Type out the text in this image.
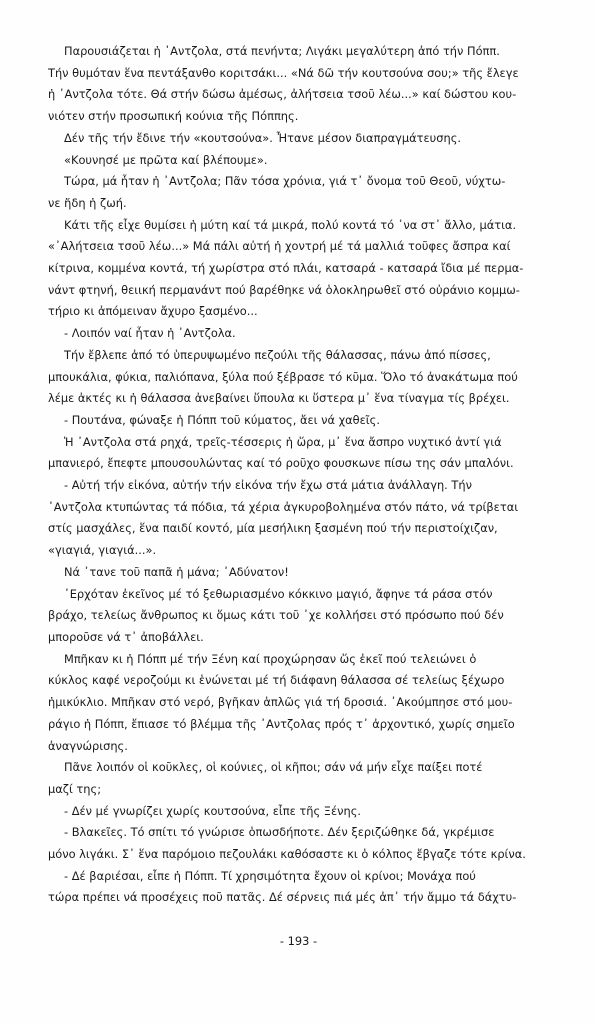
Παρουσιάζεται ἡ ᾽Αντζολα, στά πενήντα; Λιγάκι μεγαλύτερη ἀπό τήν Πόππ.
Τήν θυμόταν ἕνα πεντάξανθο κοριτσάκι... «Νά δῶ τήν κουτσούνα σου;» τῆς ἔλεγε
ἡ ᾽Αντζολα τότε. Θά στήν δώσω ἀμέσως, ἀλήτσεια τσοῦ λέω...» καί δώστου κου-
νιότεν στήν προσωπική κούνια τῆς Πόππης.

Δέν τῆς τήν ἔδινε τήν «κουτσούνα». Ἦτανε μέσον διαπραγμάτευσης.

«Κουνησέ με πρῶτα καί βλέπουμε».

Τώρα, μά ἦταν ἡ ᾽Αντζολα; Πᾶν τόσα χρόνια, γιά τ᾽ ὄνομα τοῦ Θεοῦ, νύχτω-
νε ἤδη ἡ ζωή.

Κάτι τῆς εἶχε θυμίσει ἡ μύτη καί τά μικρά, πολύ κοντά τό ᾽να στ᾽ ἄλλο, μάτια.
«᾽Αλήτσεια τσοῦ λέω...» Μά πάλι αὐτή ἡ χοντρή μέ τά μαλλιά τοῦφες ἄσπρα καί
κίτρινα, κομμένα κοντά, τή χωρίστρα στό πλάι, κατσαρά - κατσαρά ἴδια μέ περμα-
νάντ φτηνή, θειική περμανάντ πού βαρέθηκε νά ὁλοκληρωθεῖ στό οὐράνιο κομμω-
τήριο κι ἀπόμειναν ἄχυρο ξασμένο...

- Λοιπόν ναί ἦταν ἡ ᾽Αντζολα.

Τήν ἔβλεπε ἀπό τό ὑπερυψωμένο πεζούλι τῆς θάλασσας, πάνω ἀπό πίσσες,
μπουκάλια, φύκια, παλιόπανα, ξύλα πού ξέβρασε τό κῦμα. Ὅλο τό ἀνακάτωμα πού
λέμε ἀκτές κι ἡ θάλασσα ἀνεβαίνει ὕπουλα κι ὕστερα μ᾽ ἕνα τίναγμα τίς βρέχει.

- Πουτάνα, φώναξε ἡ Πόππ τοῦ κύματος, ἄει νά χαθεῖς.

Ἡ ᾽Αντζολα στά ρηχά, τρεῖς-τέσσερις ἡ ὥρα, μ᾽ ἕνα ἄσπρο νυχτικό ἀντί γιά
μπανιερό, ἔπεφτε μπουσουλώντας καί τό ροῦχο φουσκωνε πίσω της σάν μπαλόνι.

- Αὐτή τήν εἰκόνα, αὐτήν τήν εἰκόνα τήν ἔχω στά μάτια ἀνάλλαγη. Τήν
᾽Αντζολα κτυπώντας τά πόδια, τά χέρια ἀγκυροβολημένα στόν πάτο, νά τρίβεται
στίς μασχάλες, ἕνα παιδί κοντό, μία μεσήλικη ξασμένη πού τήν περιστοίχιζαν,
«γιαγιά, γιαγιά...».

Νά ᾽τανε τοῦ παπᾶ ἡ μάνα; ᾽Αδύνατον!

᾽Ερχόταν ἐκεῖνος μέ τό ξεθωριασμένο κόκκινο μαγιό, ἄφηνε τά ράσα στόν
βράχο, τελείως ἄνθρωπος κι ὅμως κάτι τοῦ ᾽χε κολλήσει στό πρόσωπο πού δέν
μποροῦσε νά τ᾽ ἀποβάλλει.

Μπῆκαν κι ἡ Πόππ μέ τήν Ξένη καί προχώρησαν ὥς ἐκεῖ πού τελειώνει ὁ
κύκλος καφέ νεροζούμι κι ἑνώνεται μέ τή διάφανη θάλασσα σέ τελείως ξέχωρο
ἡμικύκλιο. Μπῆκαν στό νερό, βγῆκαν ἁπλῶς γιά τή δροσιά. ᾽Ακούμπησε στό μου-
ράγιο ἡ Πόππ, ἔπιασε τό βλέμμα τῆς ᾽Αντζολας πρός τ᾽ ἀρχοντικό, χωρίς σημεῖο
ἀναγνώρισης.

Πᾶνε λοιπόν οἱ κοῦκλες, οἱ κούνιες, οἱ κῆποι; σάν νά μήν εἶχε παίξει ποτέ
μαζί της;

- Δέν μέ γνωρίζει χωρίς κουτσούνα, εἶπε τῆς Ξένης.

- Βλακεῖες. Τό σπίτι τό γνώρισε ὁπωσδήποτε. Δέν ξεριζώθηκε δά, γκρέμισε
μόνο λιγάκι. Σ᾽ ἕνα παρόμοιο πεζουλάκι καθόσαστε κι ὁ κόλπος ἔβγαζε τότε κρίνα.

- Δέ βαριέσαι, εἶπε ἡ Πόππ. Τί χρησιμότητα ἔχουν οἱ κρίνοι; Μονάχα πού
τώρα πρέπει νά προσέχεις ποῦ πατᾶς. Δέ σέρνεις πιά μές ἀπ᾽ τήν ἄμμο τά δάχτυ-

- 193 -
